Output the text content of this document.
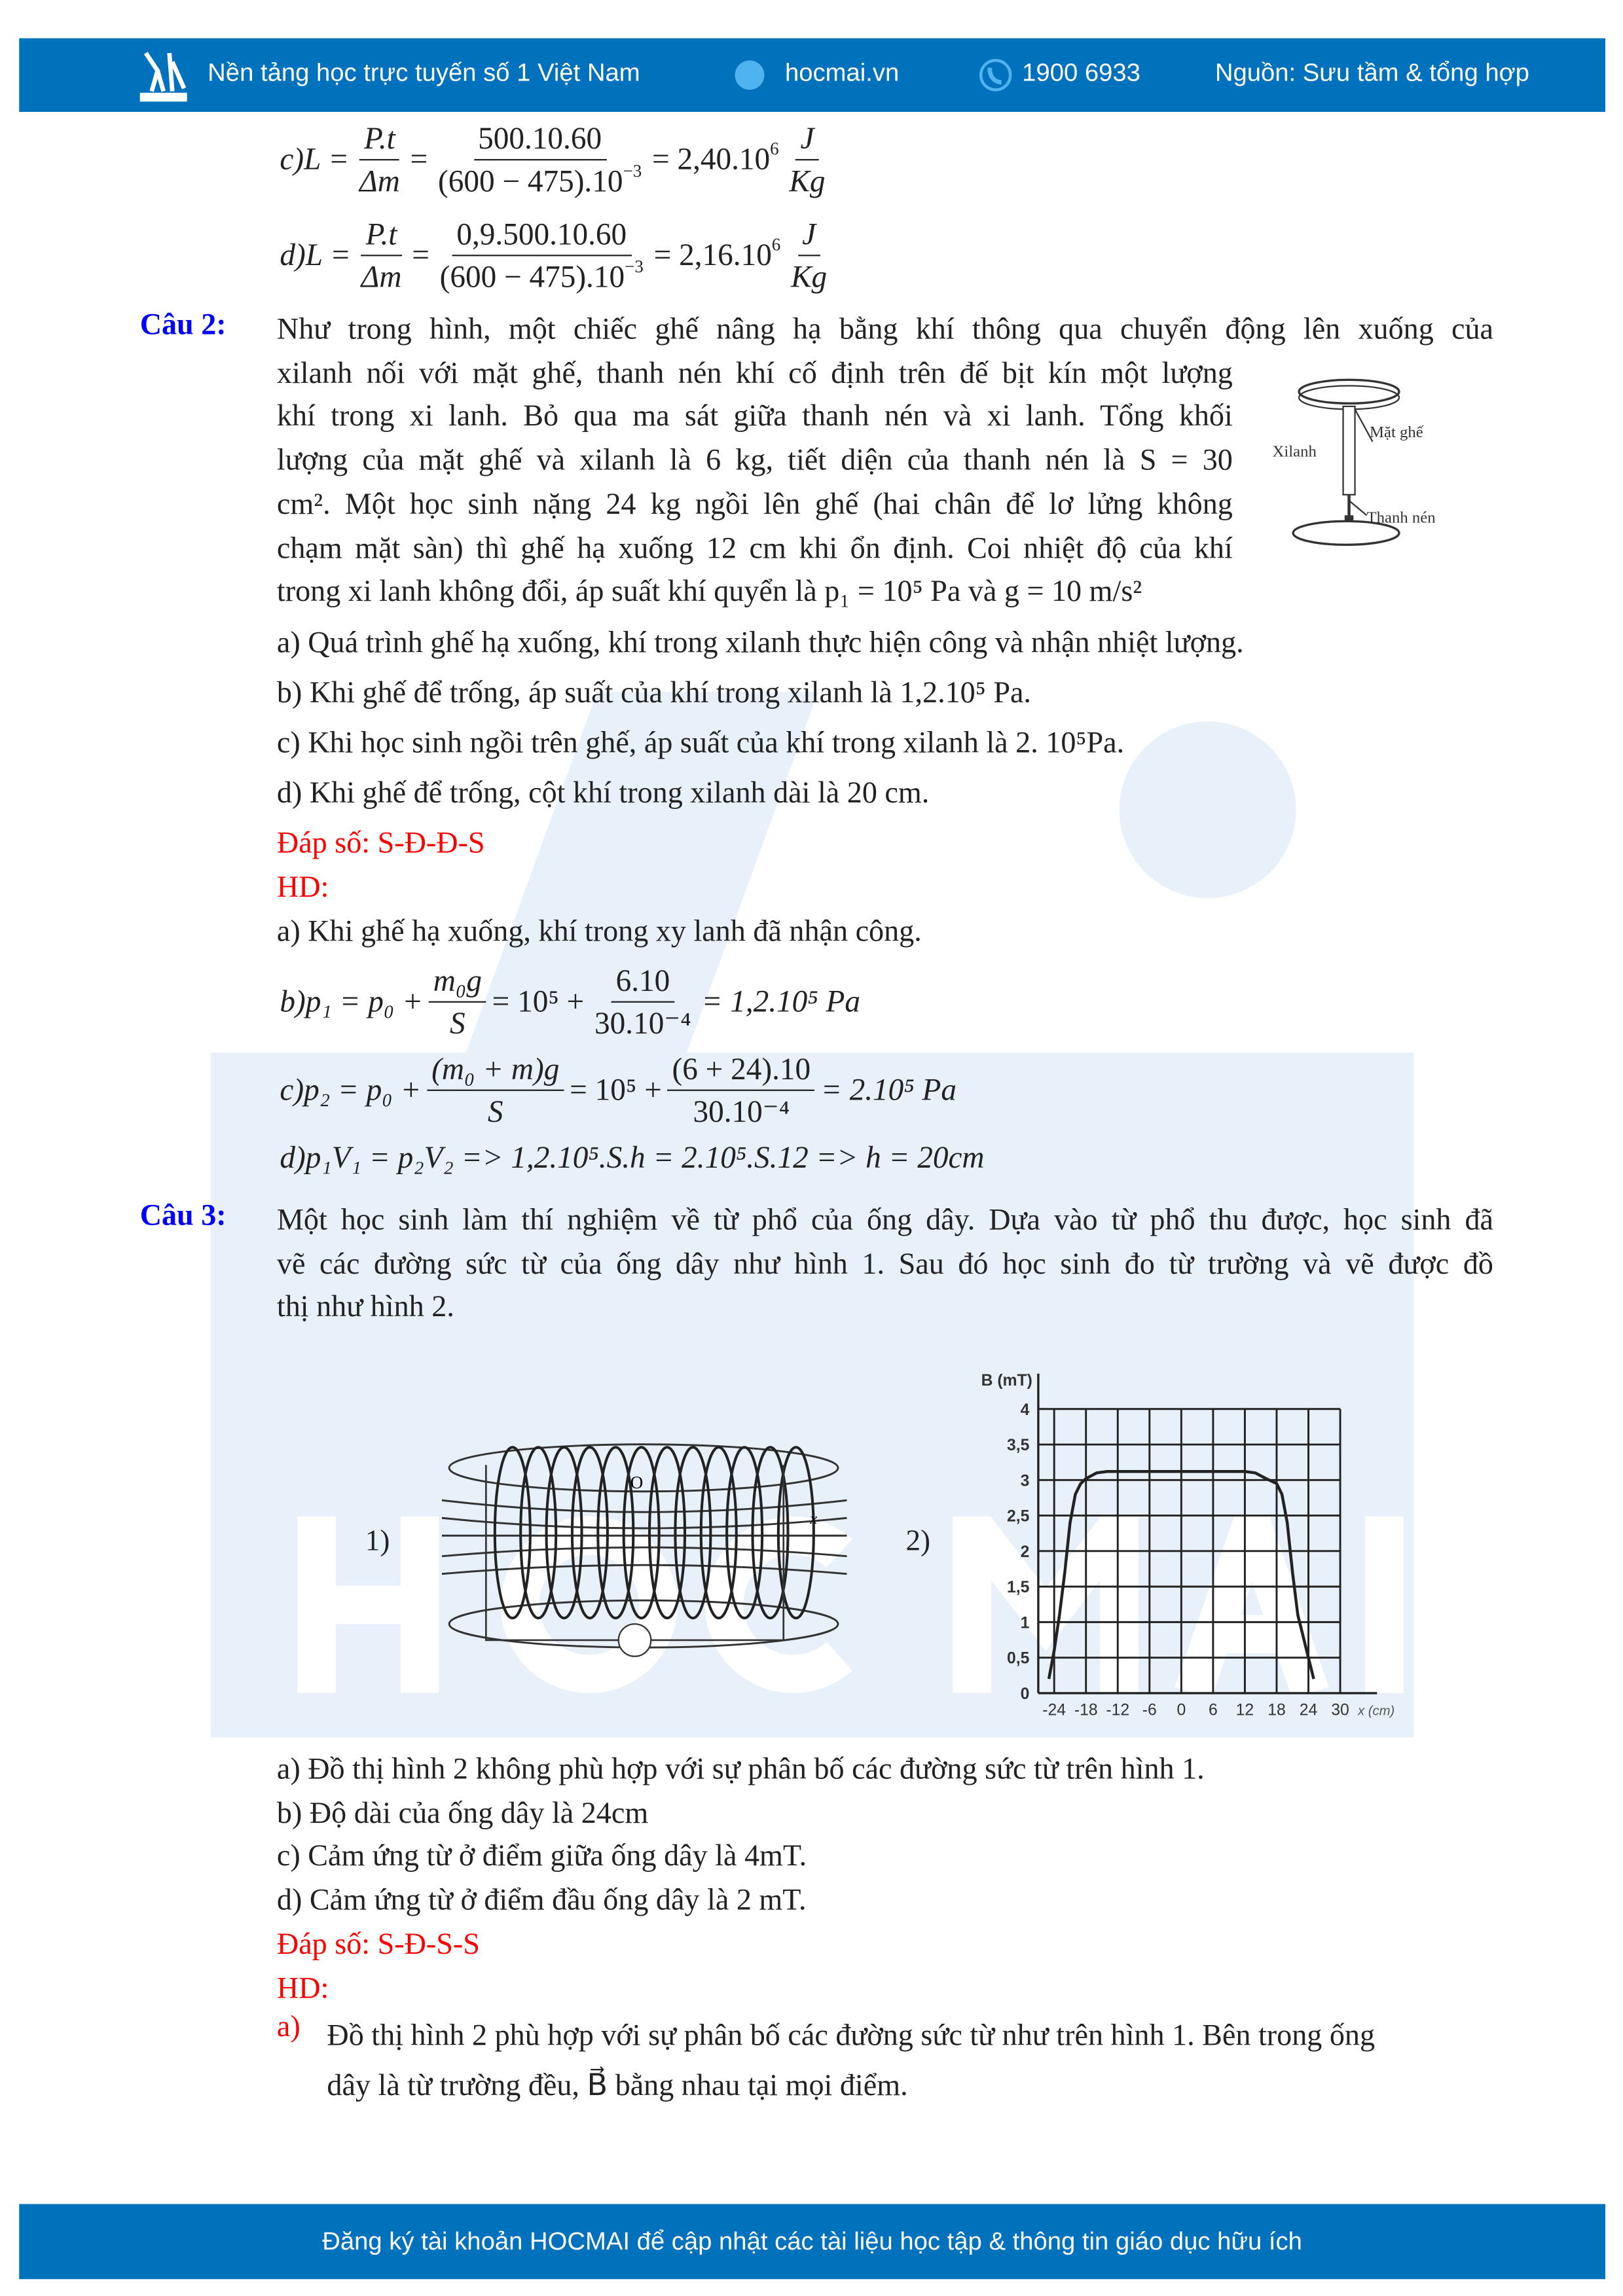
Nền tảng học trực tuyến số 1 Việt Nam	hocmai.vn	1900 6933	Nguồn: Sưu tầm & tổng hợp
$c)L = \frac{P.t}{\Delta m} = \frac{500.10.60}{(600 - 475).10^{-3}} = 2,40.10^6 \frac{J}{Kg}$
$d)L = \frac{P.t}{\Delta m} = \frac{0,9.500.10.60}{(600 - 475).10^{-3}} = 2,16.10^6 \frac{J}{Kg}$
Câu 2:	Như trong hình, một chiếc ghế nâng hạ bằng khí thông qua chuyển động lên xuống của
xilanh nối với mặt ghế, thanh nén khí cố định trên đế bịt kín một lượng
khí trong xi lanh. Bỏ qua ma sát giữa thanh nén và xi lanh. Tổng khối
lượng của mặt ghế và xilanh là 6 kg, tiết diện của thanh nén là S = 30
cm². Một học sinh nặng 24 kg ngồi lên ghế (hai chân để lơ lửng không
chạm mặt sàn) thì ghế hạ xuống 12 cm khi ổn định. Coi nhiệt độ của khí
trong xi lanh không đổi, áp suất khí quyển là p₁ = 10⁵ Pa và g = 10 m/s²
Mặt ghế
Xilanh
Thanh nén
a) Quá trình ghế hạ xuống, khí trong xilanh thực hiện công và nhận nhiệt lượng.
b) Khi ghế để trống, áp suất của khí trong xilanh là 1,2.10⁵ Pa.
c) Khi học sinh ngồi trên ghế, áp suất của khí trong xilanh là 2. 10⁵Pa.
d) Khi ghế để trống, cột khí trong xilanh dài là 20 cm.
Đáp số: S-Đ-Đ-S
HD:
a) Khi ghế hạ xuống, khí trong xy lanh đã nhận công.
$b)p_1 = p_0 + \frac{\text{m₀g}}{S} = 10^5 + \frac{6.10}{\text{30.10⁻⁴}} = 1,2.10^5$ Pa
$c)p_2 = p_0 + \frac{\text{(m₀ + m)g}}{S} = 10^5 + \frac{(6 + 24).10}{\text{30.10⁻⁴}} = 2.10^5$ Pa
d)p₁V₁ = p₂V₂ => 1,2.10⁵.S.h = 2.10⁵.S.12 => h = 20cm
Câu 3:	Một học sinh làm thí nghiệm về từ phổ của ống dây. Dựa vào từ phổ thu được, học sinh đã
vẽ các đường sức từ của ống dây như hình 1. Sau đó học sinh đo từ trường và vẽ được đồ
thị như hình 2.
1)
O
x
2)
0
0,5
1
1,5
2
2,5
3
3,5
4
-24 -18 -12 -6	0	6	12 18 24 30
B (mT)
x (cm)
a) Đồ thị hình 2 không phù hợp với sự phân bố các đường sức từ trên hình 1.
b) Độ dài của ống dây là 24cm
c) Cảm ứng từ ở điểm giữa ống dây là 4mT.
d) Cảm ứng từ ở điểm đầu ống dây là 2 mT.
Đáp số: S-Đ-S-S
HD:
a) Đồ thị hình 2 phù hợp với sự phân bố các đường sức từ như trên hình 1. Bên trong ống
dây là từ trường đều, B⃗ bằng nhau tại mọi điểm.
Đăng ký tài khoản HOCMAI để cập nhật các tài liệu học tập & thông tin giáo dục hữu ích
